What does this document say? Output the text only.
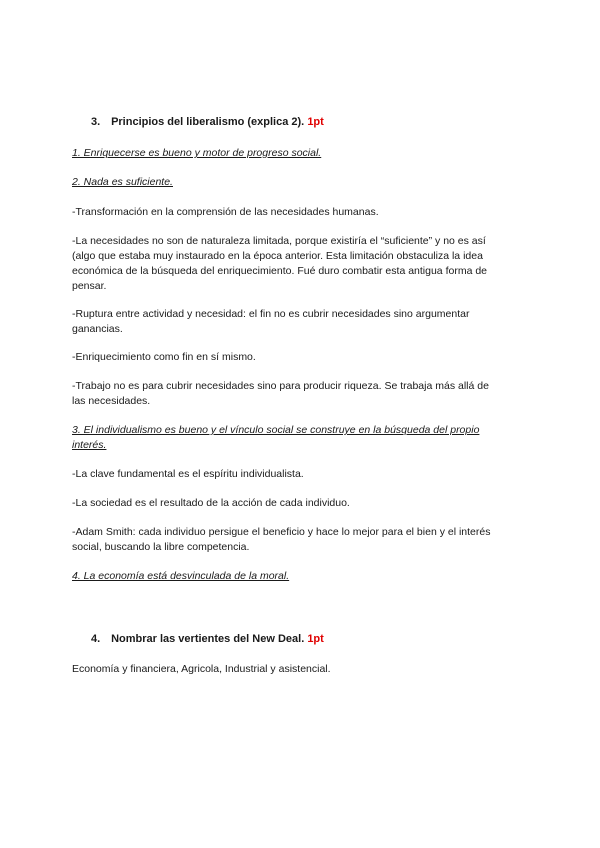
3. Principios del liberalismo (explica 2). 1pt
1. Enriquecerse es bueno y motor de progreso social.
2. Nada es suficiente.
-Transformación en la comprensión de las necesidades humanas.
-La necesidades no son de naturaleza limitada, porque existiría el “suficiente” y no es así
(algo que estaba muy instaurado en la época anterior. Esta limitación obstaculiza la idea
económica de la búsqueda del enriquecimiento. Fué duro combatir esta antigua forma de
pensar.
-Ruptura entre actividad y necesidad: el fin no es cubrir necesidades sino argumentar
ganancias.
-Enriquecimiento como fin en sí mismo.
-Trabajo no es para cubrir necesidades sino para producir riqueza. Se trabaja más allá de
las necesidades.
3. El individualismo es bueno y el vínculo social se construye en la búsqueda del propio
interés.
-La clave fundamental es el espíritu individualista.
-La sociedad es el resultado de la acción de cada individuo.
-Adam Smith: cada individuo persigue el beneficio y hace lo mejor para el bien y el interés
social, buscando la libre competencia.
4. La economía está desvinculada de la moral.
4. Nombrar las vertientes del New Deal. 1pt
Economía y financiera, Agricola, Industrial y asistencial.
